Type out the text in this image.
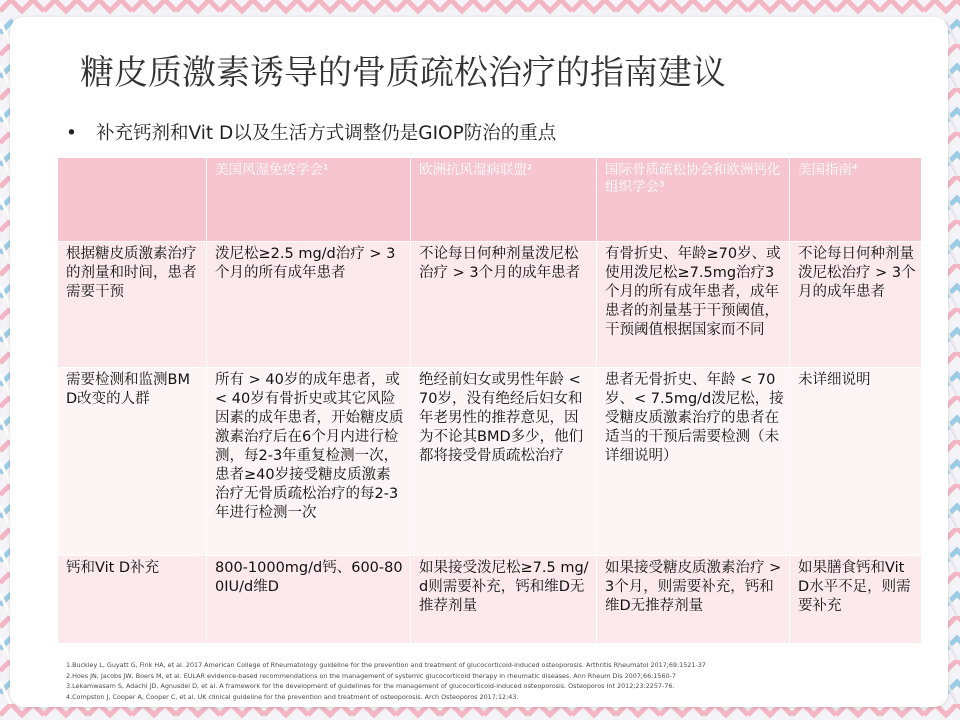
糖皮质激素诱导的骨质疏松治疗的指南建议
• 补充钙剂和Vit D以及生活方式调整仍是GIOP防治的重点
	美国风湿免疫学会¹	欧洲抗风湿病联盟²	国际骨质疏松协会和欧洲钙化组织学会³	美国指南⁴
根据糖皮质激素治疗的剂量和时间，患者需要干预	泼尼松≥2.5 mg/d治疗 > 3个月的所有成年患者	不论每日何种剂量泼尼松治疗 > 3个月的成年患者	有骨折史、年龄≥70岁、或使用泼尼松≥7.5mg治疗3个月的所有成年患者，成年患者的剂量基于干预阈值，干预阈值根据国家而不同	不论每日何种剂量泼尼松治疗 > 3个月的成年患者
需要检测和监测BMD改变的人群	所有 > 40岁的成年患者，或 < 40岁有骨折史或其它风险因素的成年患者，开始糖皮质激素治疗后在6个月内进行检测，每2-3年重复检测一次，患者≥40岁接受糖皮质激素治疗无骨质疏松治疗的每2-3年进行检测一次	绝经前妇女或男性年龄 < 70岁，没有绝经后妇女和年老男性的推荐意见，因为不论其BMD多少，他们都将接受骨质疏松治疗	患者无骨折史、年龄 < 70岁、< 7.5mg/d泼尼松，接受糖皮质激素治疗的患者在适当的干预后需要检测（未详细说明）	未详细说明
钙和Vit D补充	800-1000mg/d钙、600-800IU/d维D	如果接受泼尼松≥7.5 mg/d则需要补充，钙和维D无推荐剂量	如果接受糖皮质激素治疗 > 3个月，则需要补充，钙和维D无推荐剂量	如果膳食钙和Vit D水平不足，则需要补充
1.Buckley L, Guyatt G, Fink HA, et al. 2017 American College of Rheumatology guideline for the prevention and treatment of glucocorticoid-induced osteoporosis. Arthritis Rheumatol 2017;69:1521-37
2.Hoes JN, Jacobs JW, Boers M, et al. EULAR evidence-based recommendations on the management of systemic glucocorticoid therapy in rheumatic diseases. Ann Rheum Dis 2007;66:1560-7
3.Lekamwasam S, Adachi JD, Agnusdei D, et al. A framework for the development of guidelines for the management of glucocorticoid-induced osteoporosis. Osteoporos Int 2012;23:2257-76.
4.Compston J, Cooper A, Cooper C, et al. UK clinical guideline for the prevention and treatment of osteoporosis. Arch Osteoporos 2017;12:43.
